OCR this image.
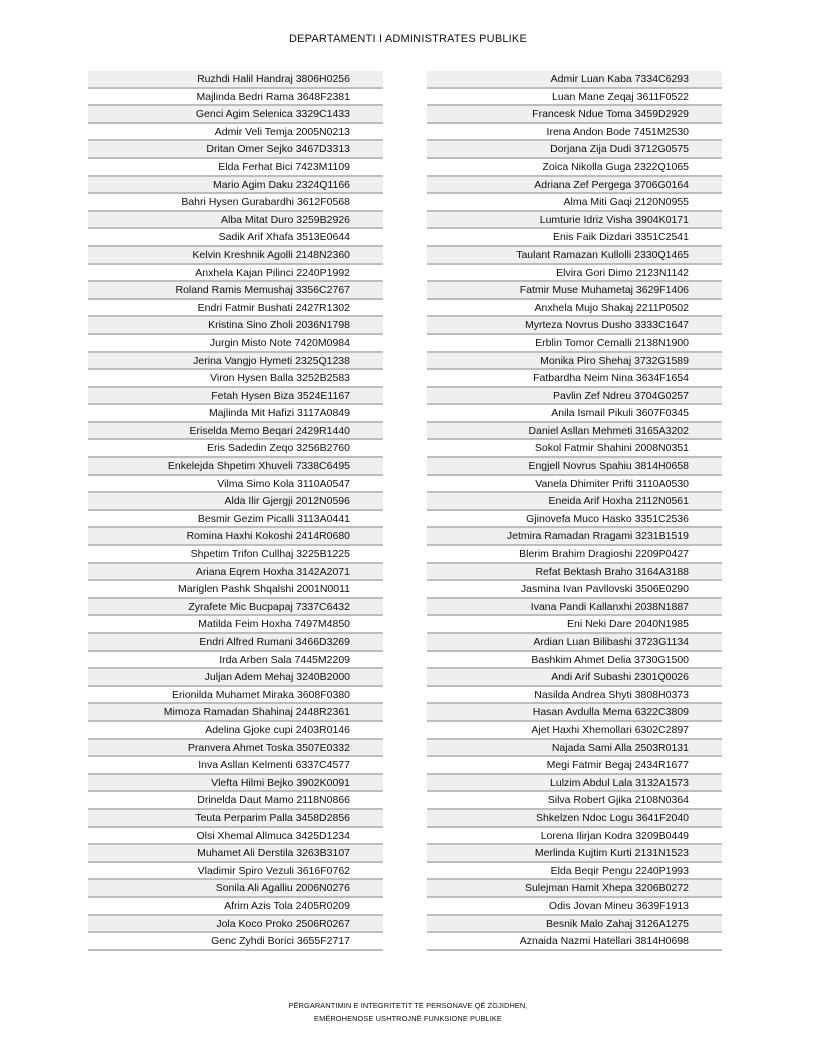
DEPARTAMENTI I ADMINISTRATES PUBLIKE
Ruzhdi Halil Handraj 3806H0256
Majlinda Bedri Rama 3648F2381
Genci Agim Selenica 3329C1433
Admir Veli Temja 2005N0213
Dritan Omer Sejko 3467D3313
Elda Ferhat Bici 7423M1109
Mario Agim Daku 2324Q1166
Bahri Hysen Gurabardhi 3612F0568
Alba Mitat Duro 3259B2926
Sadik Arif Xhafa 3513E0644
Kelvin Kreshnik Agolli 2148N2360
Anxhela Kajan Pilinci 2240P1992
Roland Ramis Memushaj 3356C2767
Endri Fatmir Bushati 2427R1302
Kristina Sino Zholi 2036N1798
Jurgin Misto Note 7420M0984
Jerina Vangjo Hymeti 2325Q1238
Viron Hysen Balla 3252B2583
Fetah Hysen Biza 3524E1167
Majlinda Mit Hafizi 3117A0849
Eriselda Memo Beqari 2429R1440
Eris Sadedin Zeqo 3256B2760
Enkelejda Shpetim Xhuveli 7338C6495
Vilma Simo Kola 3110A0547
Alda Ilir Gjergji 2012N0596
Besmir Gezim Picalli 3113A0441
Romina Haxhi Kokoshi 2414R0680
Shpetim Trifon Cullhaj 3225B1225
Ariana Eqrem Hoxha 3142A2071
Mariglen Pashk Shqalshi 2001N0011
Zyrafete Mic Bucpapaj 7337C6432
Matilda Feim Hoxha 7497M4850
Endri Alfred Rumani 3466D3269
Irda Arben Sala 7445M2209
Juljan Adem Mehaj 3240B2000
Erionilda Muhamet Miraka 3608F0380
Mimoza Ramadan Shahinaj 2448R2361
Adelina Gjoke cupi 2403R0146
Pranvera Ahmet Toska 3507E0332
Inva Asllan Kelmenti 6337C4577
Vlefta Hilmi Bejko 3902K0091
Drinelda Daut Mamo 2118N0866
Teuta Perparim Palla 3458D2856
Olsi Xhemal Allmuca 3425D1234
Muhamet Ali Derstila 3263B3107
Vladimir Spiro Vezuli 3616F0762
Sonila Ali Agalliu 2006N0276
Afrim Azis Tola 2405R0209
Jola Koco Proko 2506R0267
Genc Zyhdi Borici 3655F2717
Admir Luan Kaba 7334C6293
Luan Mane Zeqaj 3611F0522
Francesk Ndue Toma 3459D2929
Irena Andon Bode 7451M2530
Dorjana Zija Dudi 3712G0575
Zoica Nikolla Guga 2322Q1065
Adriana Zef Pergega 3706G0164
Alma Miti Gaqi 2120N0955
Lumturie Idriz Visha 3904K0171
Enis Faik Dizdari 3351C2541
Taulant Ramazan Kullolli 2330Q1465
Elvira Gori Dimo 2123N1142
Fatmir Muse Muhametaj 3629F1406
Anxhela Mujo Shakaj 2211P0502
Myrteza Novrus Dusho 3333C1647
Erblin Tomor Cemalli 2138N1900
Monika Piro Shehaj 3732G1589
Fatbardha Neim Nina 3634F1654
Pavlin Zef Ndreu 3704G0257
Anila Ismail Pikuli 3607F0345
Daniel Asllan Mehmeti 3165A3202
Sokol Fatmir Shahini 2008N0351
Engjell Novrus Spahiu 3814H0658
Vanela Dhimiter Prifti 3110A0530
Eneida Arif Hoxha 2112N0561
Gjinovefa Muco Hasko 3351C2536
Jetmira Ramadan Rragami 3231B1519
Blerim Brahim Dragioshi 2209P0427
Refat Bektash Braho 3164A3188
Jasmina Ivan Pavllovski 3506E0290
Ivana Pandi Kallanxhi 2038N1887
Eni Neki Dare 2040N1985
Ardian Luan Bilibashi 3723G1134
Bashkim Ahmet Delia 3730G1500
Andi Arif Subashi 2301Q0026
Nasilda Andrea Shyti 3808H0373
Hasan Avdulla Mema 6322C3809
Ajet Haxhi Xhemollari 6302C2897
Najada Sami Alla 2503R0131
Megi Fatmir Begaj 2434R1677
Lulzim Abdul Lala 3132A1573
Silva Robert Gjika 2108N0364
Shkelzen Ndoc Logu 3641F2040
Lorena Ilirjan Kodra 3209B0449
Merlinda Kujtim Kurti 2131N1523
Elda Beqir Pengu 2240P1993
Sulejman Hamit Xhepa 3206B0272
Odis Jovan Mineu 3639F1913
Besnik Malo Zahaj 3126A1275
Aznaida Nazmi Hatellari 3814H0698
PËRGARANTIMIN E INTEGRITETIT TË PERSONAVE QË ZGJIDHEN,
EMËROHENOSE USHTROJNË FUNKSIONE PUBLIKE
